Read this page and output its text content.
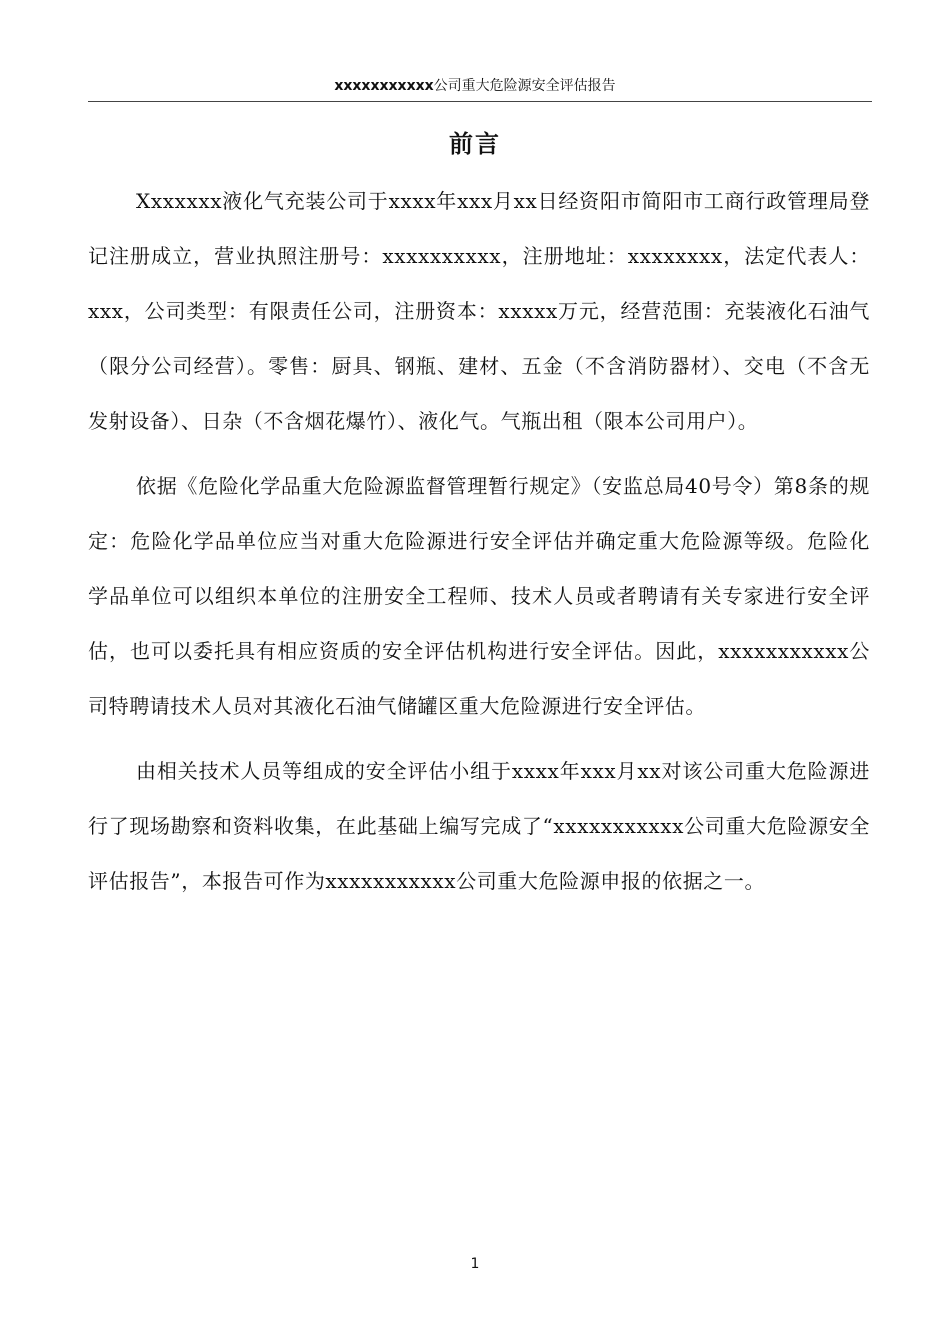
xxxxxxxxxxx公司重大危险源安全评估报告
前言

Xxxxxxx液化气充装公司于xxxx年xxx月xx日经资阳市简阳市工商行政管理局登记注册成立，营业执照注册号：xxxxxxxxxx，注册地址：xxxxxxxx，法定代表人：xxx，公司类型：有限责任公司，注册资本：xxxxx万元，经营范围：充装液化石油气（限分公司经营）。零售：厨具、钢瓶、建材、五金（不含消防器材）、交电（不含无发射设备）、日杂（不含烟花爆竹）、液化气。气瓶出租（限本公司用户）。

依据《危险化学品重大危险源监督管理暂行规定》（安监总局40号令）第8条的规定：危险化学品单位应当对重大危险源进行安全评估并确定重大危险源等级。危险化学品单位可以组织本单位的注册安全工程师、技术人员或者聘请有关专家进行安全评估，也可以委托具有相应资质的安全评估机构进行安全评估。因此，xxxxxxxxxxx公司特聘请技术人员对其液化石油气储罐区重大危险源进行安全评估。

由相关技术人员等组成的安全评估小组于xxxx年xxx月xx对该公司重大危险源进行了现场勘察和资料收集，在此基础上编写完成了“xxxxxxxxxxx公司重大危险源安全评估报告”，本报告可作为xxxxxxxxxxx公司重大危险源申报的依据之一。

1
